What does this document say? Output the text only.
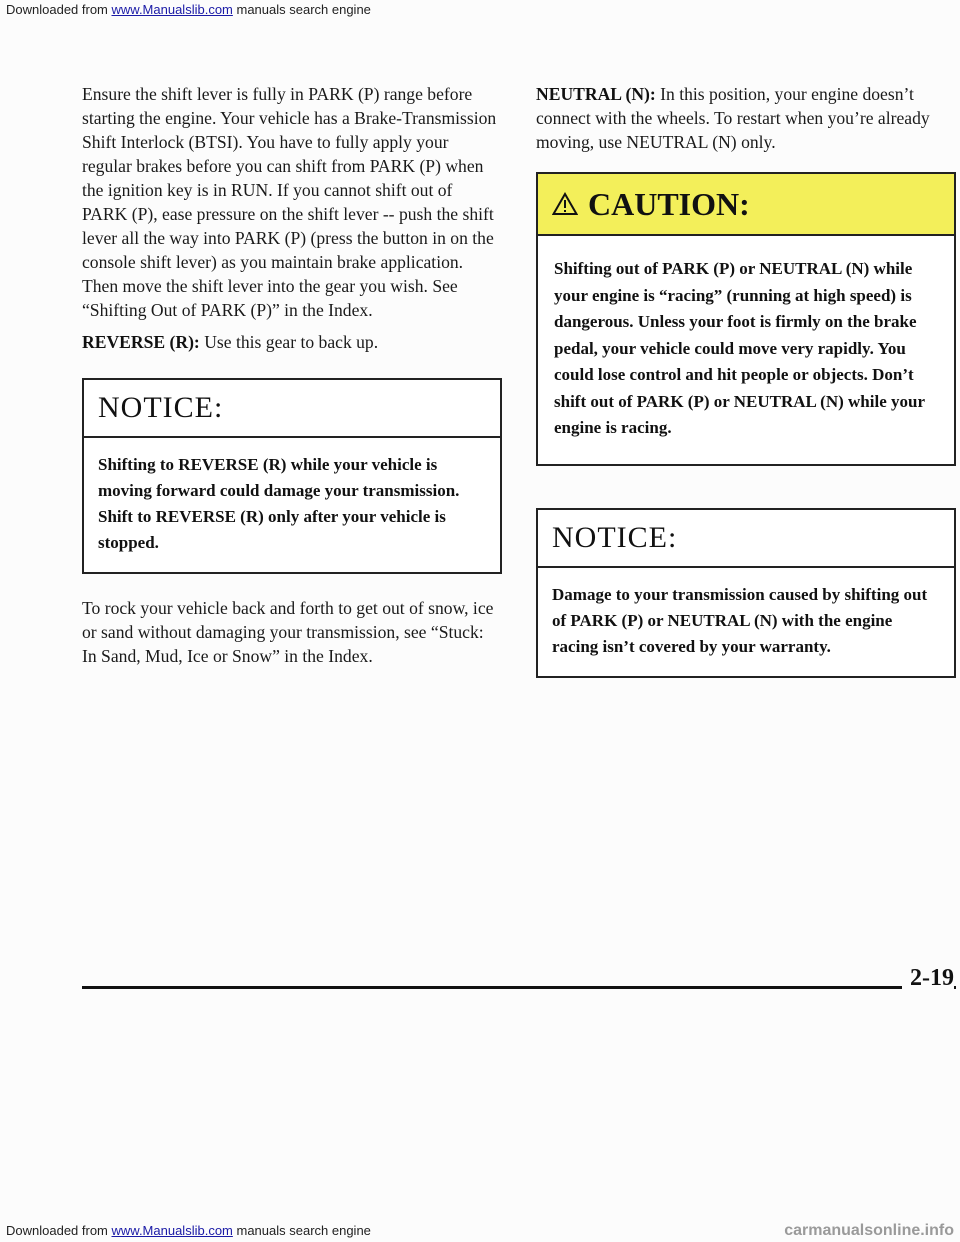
Downloaded from www.Manualslib.com manuals search engine

Ensure the shift lever is fully in PARK (P) range before starting the engine. Your vehicle has a Brake-Transmission Shift Interlock (BTSI). You have to fully apply your regular brakes before you can shift from PARK (P) when the ignition key is in RUN. If you cannot shift out of PARK (P), ease pressure on the shift lever -- push the shift lever all the way into PARK (P) (press the button in on the console shift lever) as you maintain brake application. Then move the shift lever into the gear you wish. See “Shifting Out of PARK (P)” in the Index.

REVERSE (R): Use this gear to back up.

NOTICE:
Shifting to REVERSE (R) while your vehicle is moving forward could damage your transmission. Shift to REVERSE (R) only after your vehicle is stopped.

To rock your vehicle back and forth to get out of snow, ice or sand without damaging your transmission, see “Stuck: In Sand, Mud, Ice or Snow” in the Index.

NEUTRAL (N): In this position, your engine doesn’t connect with the wheels. To restart when you’re already moving, use NEUTRAL (N) only.

CAUTION:
Shifting out of PARK (P) or NEUTRAL (N) while your engine is “racing” (running at high speed) is dangerous. Unless your foot is firmly on the brake pedal, your vehicle could move very rapidly. You could lose control and hit people or objects. Don’t shift out of PARK (P) or NEUTRAL (N) while your engine is racing.
NOTICE:
Damage to your transmission caused by shifting out of PARK (P) or NEUTRAL (N) with the engine racing isn’t covered by your warranty.
2-19
Downloaded from www.Manualslib.com manuals search engine	carmanualsonline.info
